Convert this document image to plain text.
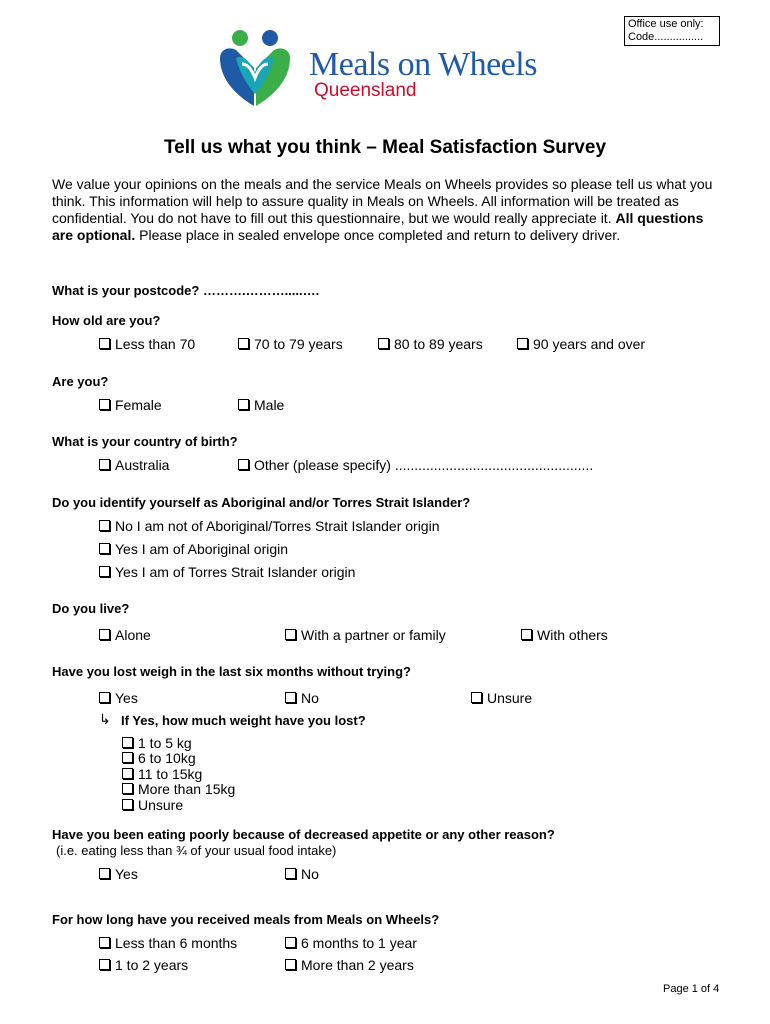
Office use only:
Code................
Meals on Wheels
Queensland
Tell us what you think – Meal Satisfaction Survey
We value your opinions on the meals and the service Meals on Wheels provides so please tell us what you think. This information will help to assure quality in Meals on Wheels. All information will be treated as confidential. You do not have to fill out this questionnaire, but we would really appreciate it. All questions are optional. Please place in sealed envelope once completed and return to delivery driver.
What is your postcode? ……….……….....….
How old are you?
Less than 70	70 to 79 years	80 to 89 years	90 years and over
Are you?
Female	Male
What is your country of birth?
Australia	Other (please specify) ...................................................
Do you identify yourself as Aboriginal and/or Torres Strait Islander?
No I am not of Aboriginal/Torres Strait Islander origin
Yes I am of Aboriginal origin
Yes I am of Torres Strait Islander origin
Do you live?
Alone	With a partner or family	With others
Have you lost weigh in the last six months without trying?
Yes	No	Unsure
↳ If Yes, how much weight have you lost?
1 to 5 kg
6 to 10kg
11 to 15kg
More than 15kg
Unsure
Have you been eating poorly because of decreased appetite or any other reason?
(i.e. eating less than ¾ of your usual food intake)
Yes	No
For how long have you received meals from Meals on Wheels?
Less than 6 months	6 months to 1 year
1 to 2 years	More than 2 years
Page 1 of 4
